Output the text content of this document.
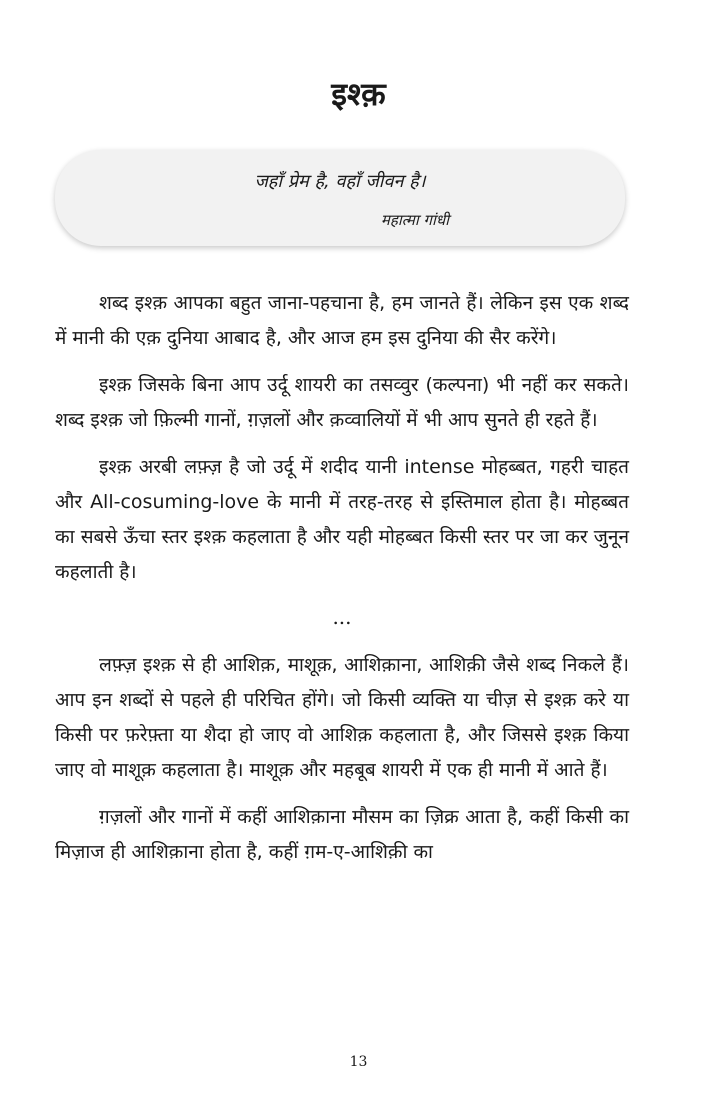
इश्क़
जहाँ प्रेम है, वहाँ जीवन है।
महात्मा गांधी

शब्द इश्क़ आपका बहुत जाना-पहचाना है, हम जानते हैं। लेकिन इस एक शब्द में मानी की एक़ दुनिया आबाद है, और आज हम इस दुनिया की सैर करेंगे।

इश्क़ जिसके बिना आप उर्दू शायरी का तसव्वुर (कल्पना) भी नहीं कर सकते। शब्द इश्क़ जो फ़िल्मी गानों, ग़ज़लों और क़व्वालियों में भी आप सुनते ही रहते हैं।

इश्क़ अरबी लफ़्ज़ है जो उर्दू में शदीद यानी intense मोहब्बत, गहरी चाहत और All-cosuming-love के मानी में तरह-तरह से इस्तिमाल होता है। मोहब्बत का सबसे ऊँचा स्तर इश्क़ कहलाता है और यही मोहब्बत किसी स्तर पर जा कर जुनून कहलाती है।

...

लफ़्ज़ इश्क़ से ही आशिक़, माशूक़, आशिक़ाना, आशिक़ी जैसे शब्द निकले हैं। आप इन शब्दों से पहले ही परिचित होंगे। जो किसी व्यक्ति या चीज़ से इश्क़ करे या किसी पर फ़रेफ़्ता या शैदा हो जाए वो आशिक़ कहलाता है, और जिससे इश्क़ किया जाए वो माशूक़ कहलाता है। माशूक़ और महबूब शायरी में एक ही मानी में आते हैं।

ग़ज़लों और गानों में कहीं आशिक़ाना मौसम का ज़िक्र आता है, कहीं किसी का मिज़ाज ही आशिक़ाना होता है, कहीं ग़म-ए-आशिक़ी का

13
